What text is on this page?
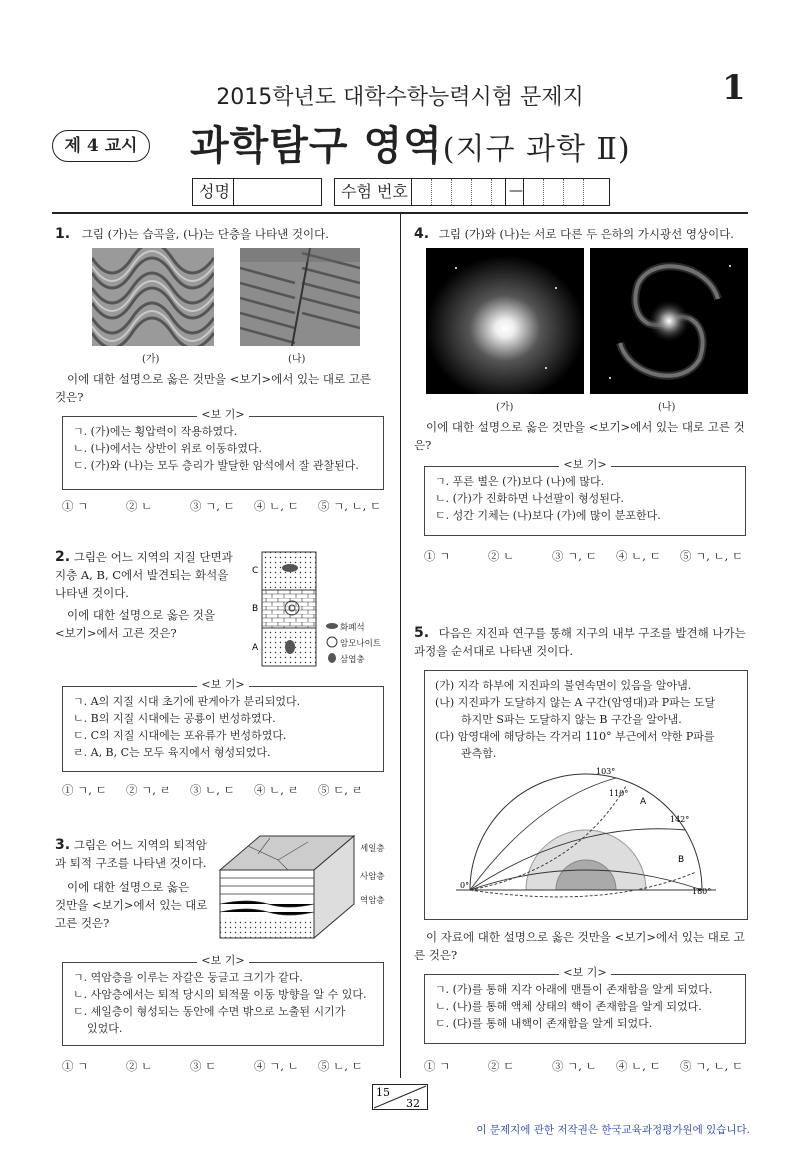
2015학년도 대학수학능력시험 문제지	1
제 4 교시	과학탐구 영역(지구 과학 Ⅱ)
성명	수험 번호	—
1. 그림 (가)는 습곡을, (나)는 단층을 나타낸 것이다.
(가)	(나)
이에 대한 설명으로 옳은 것만을 <보기>에서 있는 대로 고른 것은?
<보 기>
ㄱ. (가)에는 횡압력이 작용하였다.
ㄴ. (나)에서는 상반이 위로 이동하였다.
ㄷ. (가)와 (나)는 모두 층리가 발달한 암석에서 잘 관찰된다.
① ㄱ	② ㄴ	③ ㄱ, ㄷ	④ ㄴ, ㄷ	⑤ ㄱ, ㄴ, ㄷ
2. 그림은 어느 지역의 지질 단면과
지층 A, B, C에서 발견되는 화석을
나타낸 것이다.
이에 대한 설명으로 옳은 것을
<보기>에서 고른 것은?
C
B
A
화폐석
암모나이트
삼엽충
<보 기>
ㄱ. A의 지질 시대 초기에 판게아가 분리되었다.
ㄴ. B의 지질 시대에는 공룡이 번성하였다.
ㄷ. C의 지질 시대에는 포유류가 번성하였다.
ㄹ. A, B, C는 모두 육지에서 형성되었다.
① ㄱ, ㄷ	② ㄱ, ㄹ	③ ㄴ, ㄷ	④ ㄴ, ㄹ	⑤ ㄷ, ㄹ
3. 그림은 어느 지역의 퇴적암
과 퇴적 구조를 나타낸 것이다.
이에 대한 설명으로 옳은
것만을 <보기>에서 있는 대로
고른 것은?
셰일층
사암층
역암층
<보 기>
ㄱ. 역암층을 이루는 자갈은 둥글고 크기가 같다.
ㄴ. 사암층에서는 퇴적 당시의 퇴적물 이동 방향을 알 수 있다.
ㄷ. 셰일층이 형성되는 동안에 수면 밖으로 노출된 시기가
있었다.
① ㄱ	② ㄴ	③ ㄷ	④ ㄱ, ㄴ	⑤ ㄴ, ㄷ
4. 그림 (가)와 (나)는 서로 다른 두 은하의 가시광선 영상이다.
(가)	(나)
이에 대한 설명으로 옳은 것만을 <보기>에서 있는 대로 고른 것은?
<보 기>
ㄱ. 푸른 별은 (가)보다 (나)에 많다.
ㄴ. (가)가 진화하면 나선팔이 형성된다.
ㄷ. 성간 기체는 (나)보다 (가)에 많이 분포한다.
① ㄱ	② ㄴ	③ ㄱ, ㄷ	④ ㄴ, ㄷ	⑤ ㄱ, ㄴ, ㄷ
5. 다음은 지진파 연구를 통해 지구의 내부 구조를 발견해 나가는 과정을 순서대로 나타낸 것이다.
(가) 지각 하부에 지진파의 불연속면이 있음을 알아냄.
(나) 지진파가 도달하지 않는 A 구간(암영대)과 P파는 도달
하지만 S파는 도달하지 않는 B 구간을 알아냄.
(다) 암영대에 해당하는 각거리 110° 부근에서 약한 P파를
관측함.
103°
110°
142°
0°
180°
A
B
이 자료에 대한 설명으로 옳은 것만을 <보기>에서 있는 대로 고른 것은?
<보 기>
ㄱ. (가)를 통해 지각 아래에 맨틀이 존재함을 알게 되었다.
ㄴ. (나)를 통해 액체 상태의 핵이 존재함을 알게 되었다.
ㄷ. (다)를 통해 내핵이 존재함을 알게 되었다.
① ㄱ	② ㄷ	③ ㄱ, ㄴ	④ ㄴ, ㄷ	⑤ ㄱ, ㄴ, ㄷ
15
32
이 문제지에 관한 저작권은 한국교육과정평가원에 있습니다.
